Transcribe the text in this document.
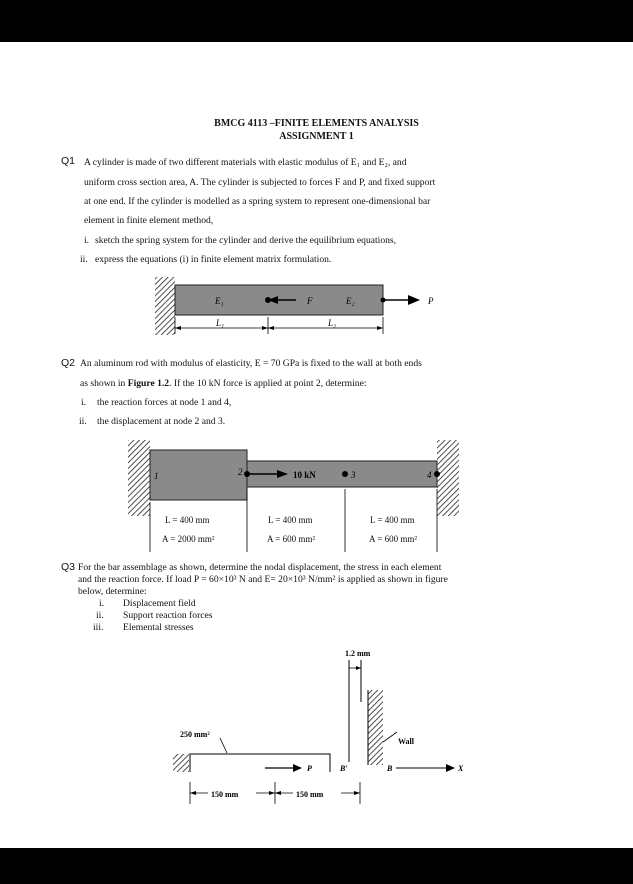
BMCG 4113 –FINITE ELEMENTS ANALYSIS
ASSIGNMENT 1
Q1 A cylinder is made of two different materials with elastic modulus of E₁ and E₂, and
uniform cross section area, A. The cylinder is subjected to forces F and P, and fixed support
at one end. If the cylinder is modelled as a spring system to represent one-dimensional bar
element in finite element method,
i. sketch the spring system for the cylinder and derive the equilibrium equations,
ii. express the equations (i) in finite element matrix formulation.
F
E₁	E₂	P
L₁	L₂
Q2 An aluminum rod with modulus of elasticity, E = 70 GPa is fixed to the wall at both ends
as shown in Figure 1.2. If the 10 kN force is applied at point 2, determine:
i. the reaction forces at node 1 and 4,
ii. the displacement at node 2 and 3.
1	2	10 kN	3	4
L = 400 mm
A = 2000 mm²
L = 400 mm
A = 600 mm²
L = 400 mm
A = 600 mm²
Q3 For the bar assemblage as shown, determine the nodal displacement, the stress in each element
and the reaction force. If load P = 60×10³ N and E= 20×10³ N/mm² is applied as shown in figure
below, determine:
i. Displacement field
ii. Support reaction forces
iii. Elemental stresses
1.2 mm
Wall
250 mm²
P	B′	B	X
150 mm	150 mm
